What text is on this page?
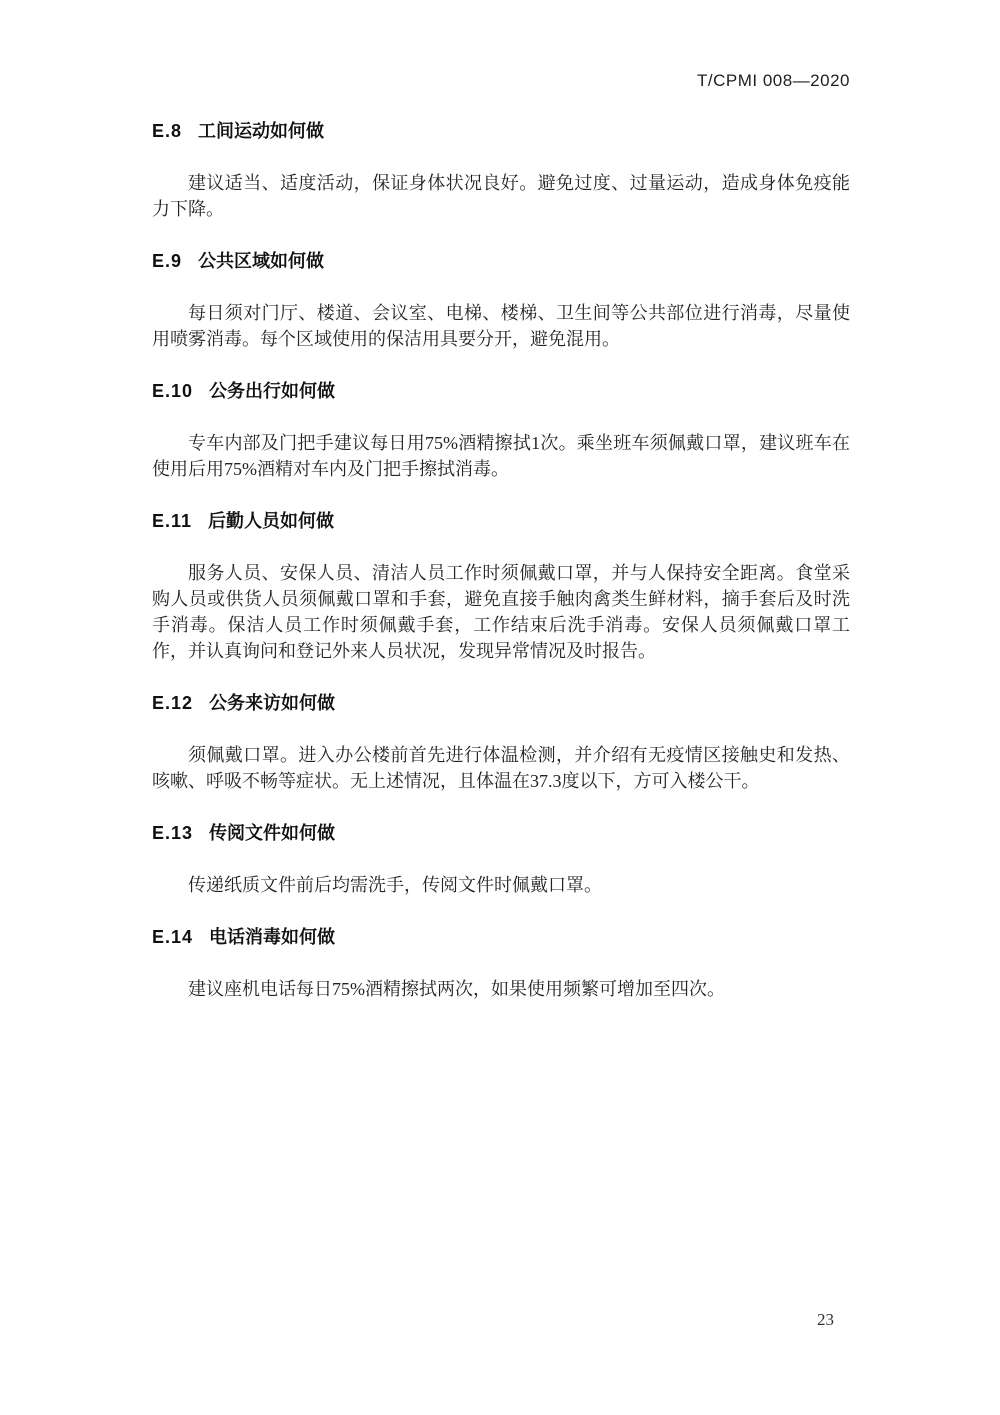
T/CPMI 008—2020
E.8 工间运动如何做

建议适当、适度活动，保证身体状况良好。避免过度、过量运动，造成身体免疫能力下降。

E.9 公共区域如何做

每日须对门厅、楼道、会议室、电梯、楼梯、卫生间等公共部位进行消毒，尽量使用喷雾消毒。每个区域使用的保洁用具要分开，避免混用。

E.10 公务出行如何做

专车内部及门把手建议每日用75%酒精擦拭1次。乘坐班车须佩戴口罩，建议班车在使用后用75%酒精对车内及门把手擦拭消毒。

E.11 后勤人员如何做

服务人员、安保人员、清洁人员工作时须佩戴口罩，并与人保持安全距离。食堂采购人员或供货人员须佩戴口罩和手套，避免直接手触肉禽类生鲜材料，摘手套后及时洗手消毒。保洁人员工作时须佩戴手套，工作结束后洗手消毒。安保人员须佩戴口罩工作，并认真询问和登记外来人员状况，发现异常情况及时报告。

E.12 公务来访如何做

须佩戴口罩。进入办公楼前首先进行体温检测，并介绍有无疫情区接触史和发热、咳嗽、呼吸不畅等症状。无上述情况，且体温在37.3度以下，方可入楼公干。

E.13 传阅文件如何做

传递纸质文件前后均需洗手，传阅文件时佩戴口罩。

E.14 电话消毒如何做

建议座机电话每日75%酒精擦拭两次，如果使用频繁可增加至四次。

23
